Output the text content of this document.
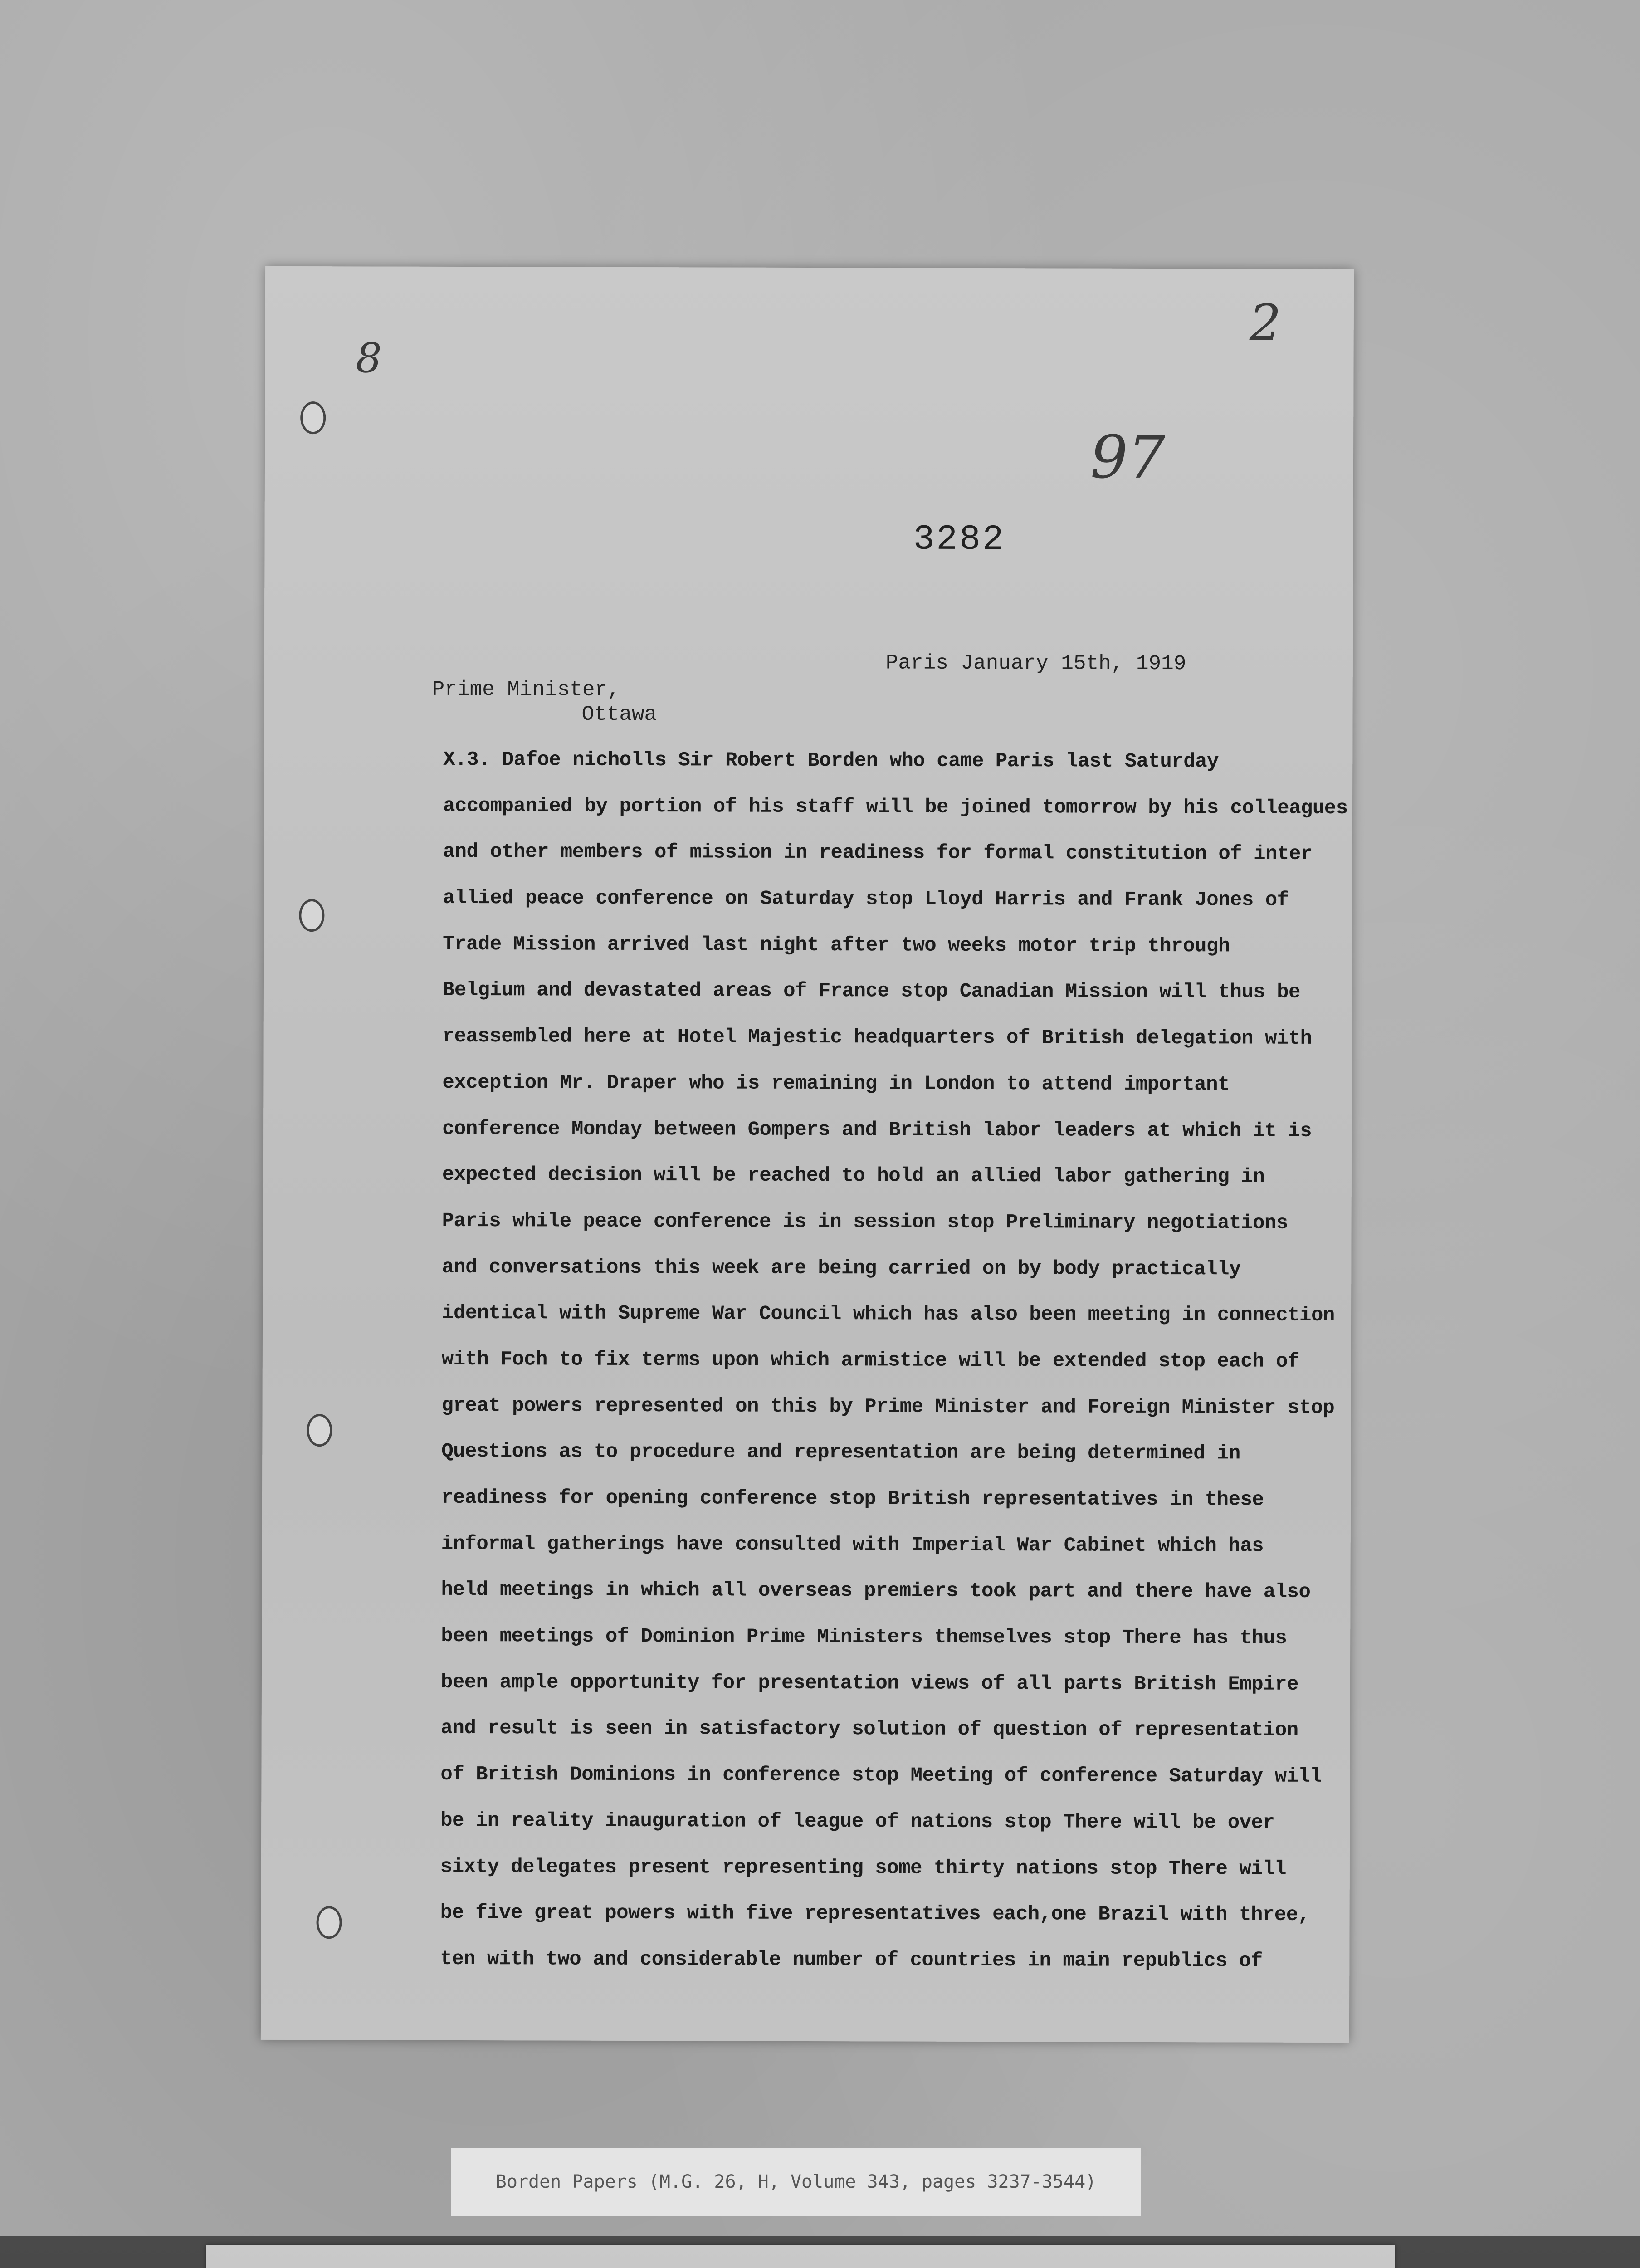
8
2
97
3282
Paris January 15th, 1919
Prime Minister,
Ottawa
X.3. Dafoe nicholls Sir Robert Borden who came Paris last Saturday
accompanied by portion of his staff will be joined tomorrow by his colleagues
and other members of mission in readiness for formal constitution of inter
allied peace conference on Saturday stop Lloyd Harris and Frank Jones of
Trade Mission arrived last night after two weeks motor trip through
Belgium and devastated areas of France stop Canadian Mission will thus be
reassembled here at Hotel Majestic headquarters of British delegation with
exception Mr. Draper who is remaining in London to attend important
conference Monday between Gompers and British labor leaders at which it is
expected decision will be reached to hold an allied labor gathering in
Paris while peace conference is in session stop Preliminary negotiations
and conversations this week are being carried on by body practically
identical with Supreme War Council which has also been meeting in connection
with Foch to fix terms upon which armistice will be extended stop each of
great powers represented on this by Prime Minister and Foreign Minister stop
Questions as to procedure and representation are being determined in
readiness for opening conference stop British representatives in these
informal gatherings have consulted with Imperial War Cabinet which has
held meetings in which all overseas premiers took part and there have also
been meetings of Dominion Prime Ministers themselves stop There has thus
been ample opportunity for presentation views of all parts British Empire
and result is seen in satisfactory solution of question of representation
of British Dominions in conference stop Meeting of conference Saturday will
be in reality inauguration of league of nations stop There will be over
sixty delegates present representing some thirty nations stop There will
be five great powers with five representatives each,one Brazil with three,
ten with two and considerable number of countries in main republics of
Borden Papers (M.G. 26, H, Volume 343, pages 3237-3544)
